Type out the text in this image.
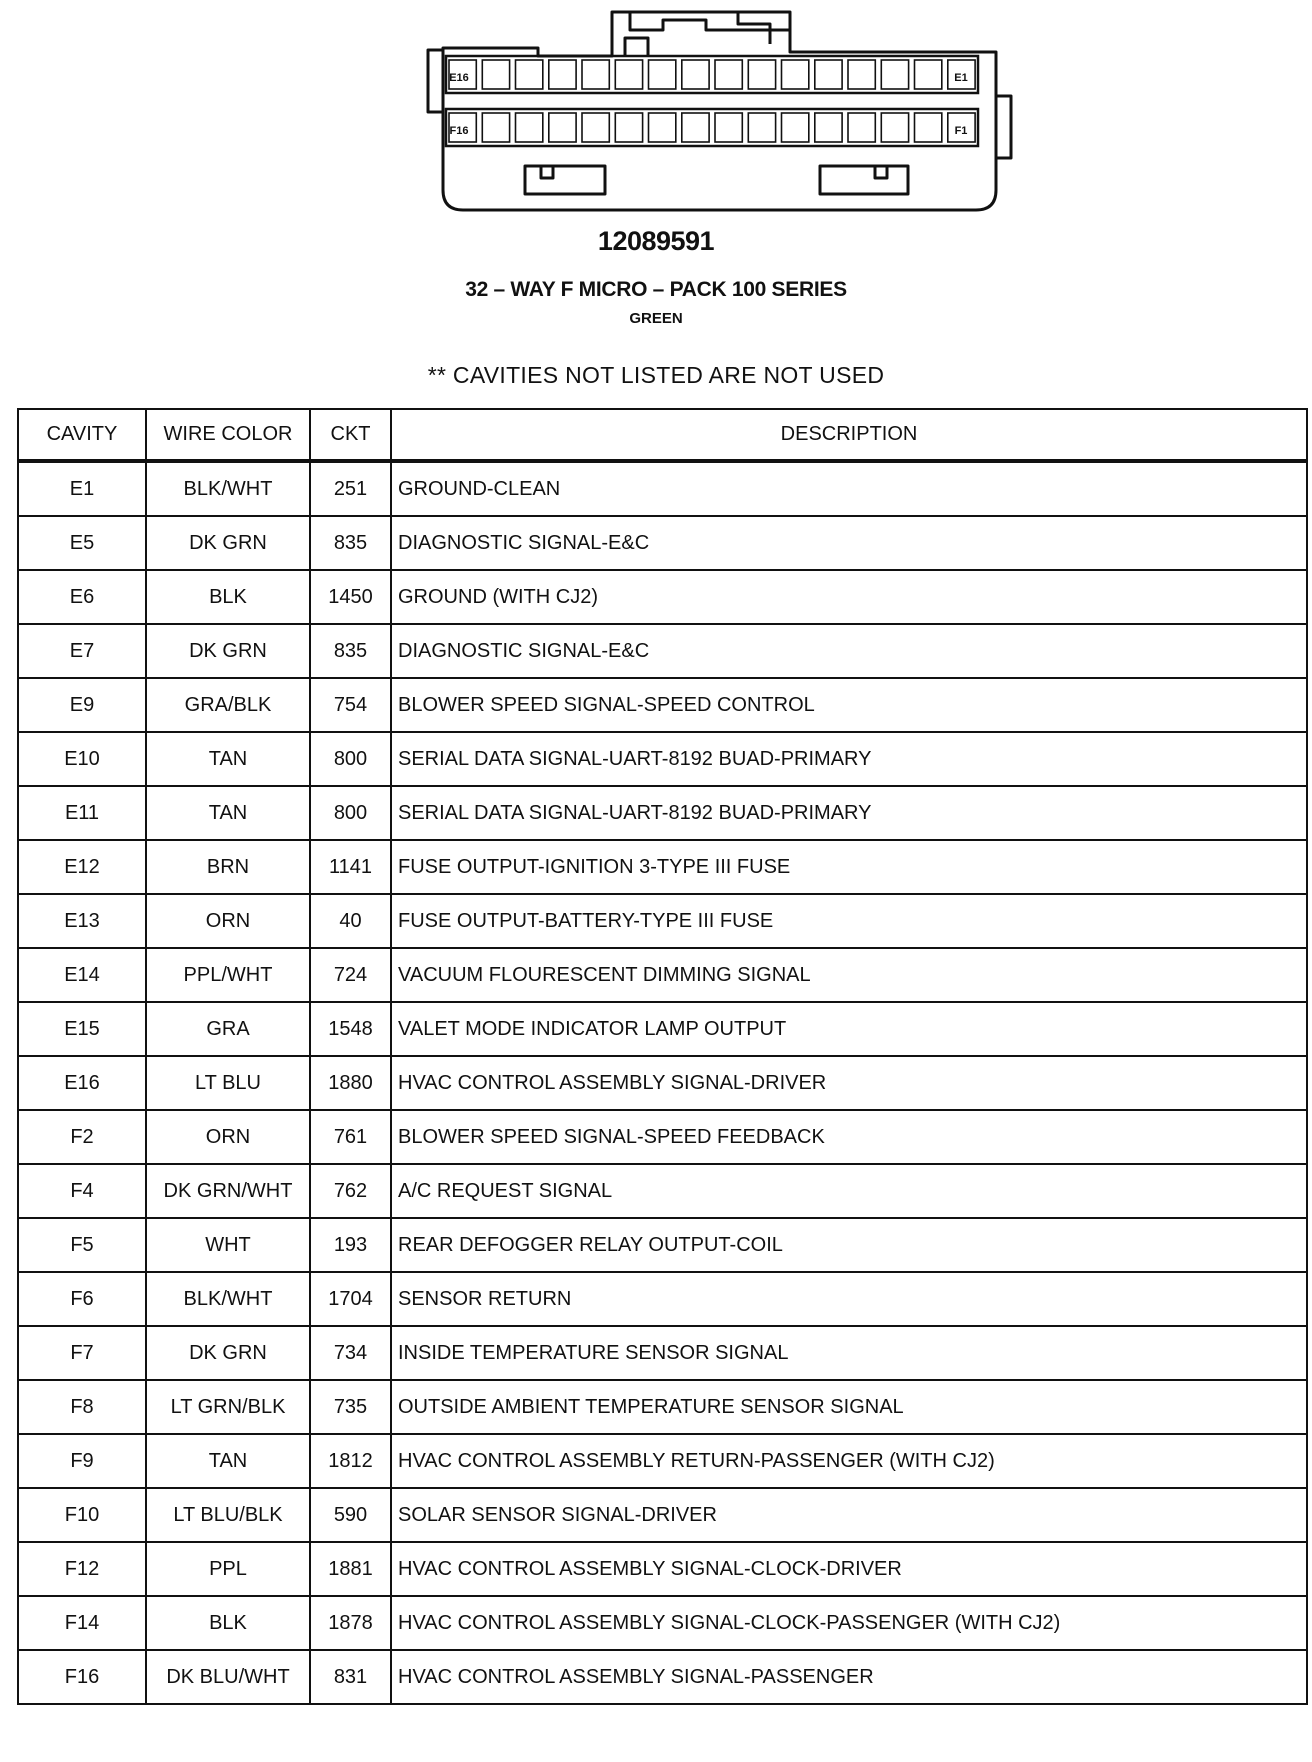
E16	E1
F16	F1
12089591
32 – WAY F MICRO – PACK 100 SERIES
GREEN
** CAVITIES NOT LISTED ARE NOT USED
CAVITY	WIRE COLOR	CKT	DESCRIPTION
E1	BLK/WHT	251	GROUND-CLEAN
E5	DK GRN	835	DIAGNOSTIC SIGNAL-E&C
E6	BLK	1450	GROUND (WITH CJ2)
E7	DK GRN	835	DIAGNOSTIC SIGNAL-E&C
E9	GRA/BLK	754	BLOWER SPEED SIGNAL-SPEED CONTROL
E10	TAN	800	SERIAL DATA SIGNAL-UART-8192 BUAD-PRIMARY
E11	TAN	800	SERIAL DATA SIGNAL-UART-8192 BUAD-PRIMARY
E12	BRN	1141	FUSE OUTPUT-IGNITION 3-TYPE III FUSE
E13	ORN	40	FUSE OUTPUT-BATTERY-TYPE III FUSE
E14	PPL/WHT	724	VACUUM FLOURESCENT DIMMING SIGNAL
E15	GRA	1548	VALET MODE INDICATOR LAMP OUTPUT
E16	LT BLU	1880	HVAC CONTROL ASSEMBLY SIGNAL-DRIVER
F2	ORN	761	BLOWER SPEED SIGNAL-SPEED FEEDBACK
F4	DK GRN/WHT	762	A/C REQUEST SIGNAL
F5	WHT	193	REAR DEFOGGER RELAY OUTPUT-COIL
F6	BLK/WHT	1704	SENSOR RETURN
F7	DK GRN	734	INSIDE TEMPERATURE SENSOR SIGNAL
F8	LT GRN/BLK	735	OUTSIDE AMBIENT TEMPERATURE SENSOR SIGNAL
F9	TAN	1812	HVAC CONTROL ASSEMBLY RETURN-PASSENGER (WITH CJ2)
F10	LT BLU/BLK	590	SOLAR SENSOR SIGNAL-DRIVER
F12	PPL	1881	HVAC CONTROL ASSEMBLY SIGNAL-CLOCK-DRIVER
F14	BLK	1878	HVAC CONTROL ASSEMBLY SIGNAL-CLOCK-PASSENGER (WITH CJ2)
F16	DK BLU/WHT	831	HVAC CONTROL ASSEMBLY SIGNAL-PASSENGER
